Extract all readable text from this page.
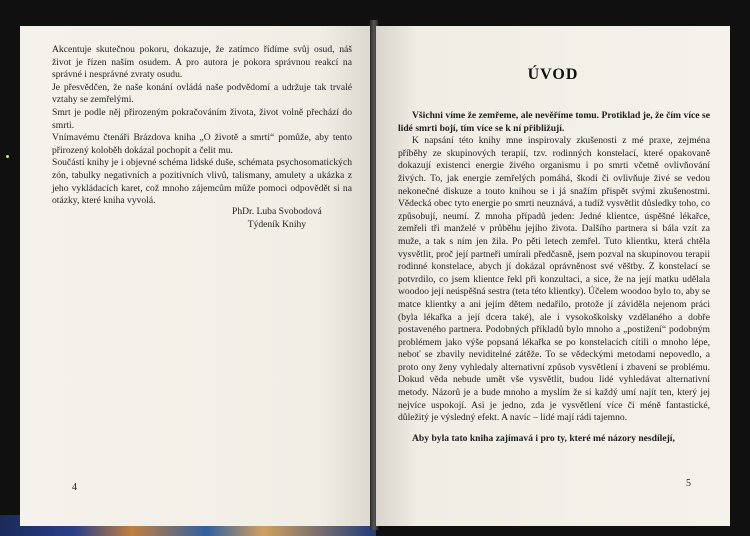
Akcentuje skutečnou pokoru, dokazuje, že zatímco řídíme svůj osud, náš život je řízen naším osudem. A pro autora je pokora správnou reakcí na správné i nesprávné zvraty osudu.

Je přesvědčen, že naše konání ovládá naše podvědomí a udržuje tak trvalé vztahy se zemřelými.

Smrt je podle něj přirozeným pokračováním života, život volně přechází do smrti.

Vnímavému čtenáři Brázdova kniha „O životě a smrti“ pomůže, aby tento přirozený koloběh dokázal pochopit a čelit mu.

Součástí knihy je i objevné schéma lidské duše, schémata psychosomatických zón, tabulky negativních a pozitivních vlivů, talismany, amulety a ukázka z jeho vykládacích karet, což mnoho zájemcům může pomoci odpovědět si na otázky, které kniha vyvolá.

PhDr. Luba Svobodová
Týdeník Knihy
4
ÚVOD

Všichni víme že zemřeme, ale nevěříme tomu. Protiklad je, že čím více se lidé smrti bojí, tím více se k ní přibližují.

K napsání této knihy mne inspirovaly zkušenosti z mé praxe, zejména příběhy ze skupinových terapií, tzv. rodinných konstelací, které opakovaně dokazují existenci energie živého organismu i po smrti včetně ovlivňování živých. To, jak energie zemřelých pomáhá, škodí či ovlivňuje živé se vedou nekonečné diskuze a touto knihou se i já snažím přispět svými zkušenostmi. Vědecká obec tyto energie po smrti neuznává, a tudíž vysvětlit důsledky toho, co způsobují, neumí. Z mnoha případů jeden: Jedné klientce, úspěšné lékařce, zemřeli tři manželé v průběhu jejího života. Dalšího partnera si bála vzít za muže, a tak s ním jen žila. Po pěti letech zemřel. Tuto klientku, která chtěla vysvětlit, proč její partneři umírali předčasně, jsem pozval na skupinovou terapii rodinné konstelace, abych jí dokázal oprávněnost své věštby. Z konstelací se potvrdilo, co jsem klientce řekl při konzultaci, a sice, že na její matku udělala woodoo její neúspěšná sestra (teta této klientky). Účelem woodoo bylo to, aby se matce klientky a ani jejím dětem nedařilo, protože jí záviděla nejenom práci (byla lékařka a její dcera také), ale i vysokoškolsky vzdělaného a dobře postaveného partnera. Podobných příkladů bylo mnoho a „postižení“ podobným problémem jako výše popsaná lékařka se po konstelacích cítili o mnoho lépe, neboť se zbavily neviditelné zátěže. To se vědeckými metodami nepovedlo, a proto ony ženy vyhledaly alternativní způsob vysvětlení i zbavení se problému. Dokud věda nebude umět vše vysvětlit, budou lidé vyhledávat alternativní metody. Názorů je a bude mnoho a myslím že si každý umí najít ten, který jej nejvíce uspokojí. Asi je jedno, zda je vysvětlení více či méně fantastické, důležitý je výsledný efekt. A navíc – lidé mají rádi tajemno.

Aby byla tato kniha zajímavá i pro ty, které mé názory nesdílejí,

5
